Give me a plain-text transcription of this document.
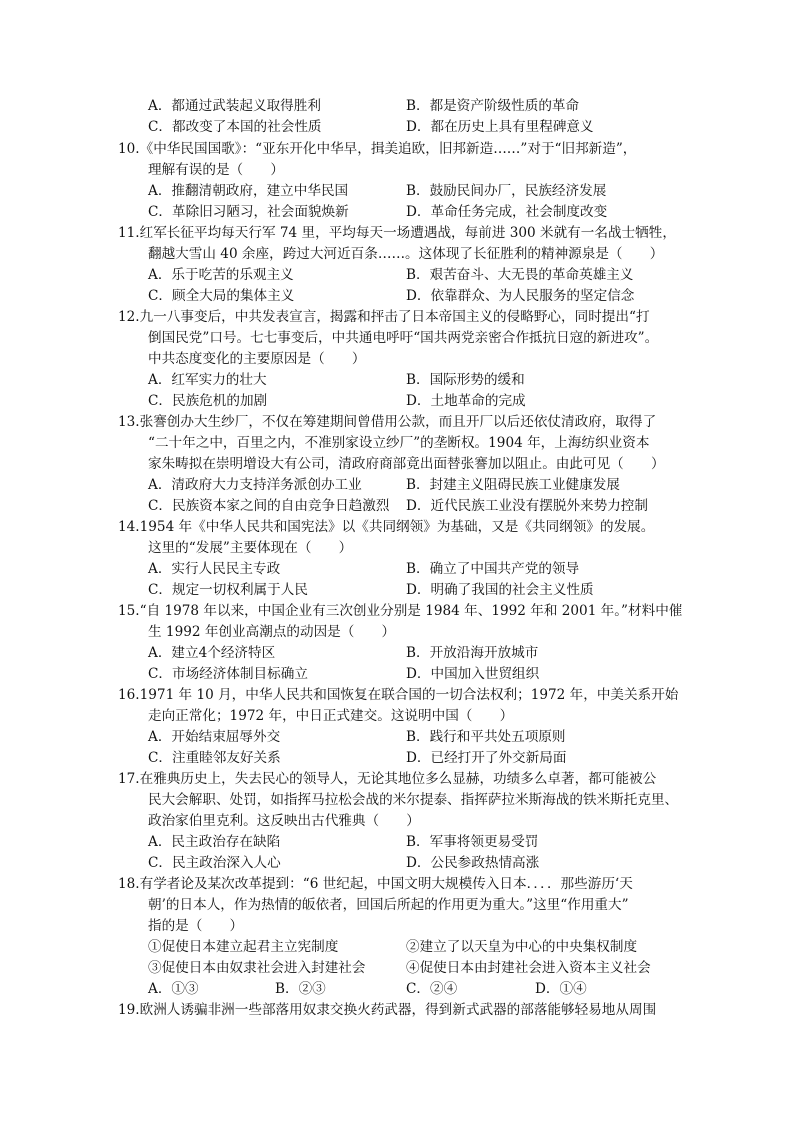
A．都通过武装起义取得胜利	B．都是资产阶级性质的革命
C．都改变了本国的社会性质	D．都在历史上具有里程碑意义
10.《中华民国国歌》：“亚东开化中华早，揖美追欧，旧邦新造……”对于“旧邦新造”，
理解有误的是（　　）
A．推翻清朝政府，建立中华民国	B．鼓励民间办厂，民族经济发展
C．革除旧习陋习，社会面貌焕新	D．革命任务完成，社会制度改变
11.红军长征平均每天行军 74 里，平均每天一场遭遇战，每前进 300 米就有一名战士牺牲，
翻越大雪山 40 余座，跨过大河近百条……。这体现了长征胜利的精神源泉是（　　）
A．乐于吃苦的乐观主义	B．艰苦奋斗、大无畏的革命英雄主义
C．顾全大局的集体主义	D．依靠群众、为人民服务的坚定信念
12.九一八事变后，中共发表宣言，揭露和抨击了日本帝国主义的侵略野心，同时提出“打
倒国民党”口号。七七事变后，中共通电呼吁“国共两党亲密合作抵抗日寇的新进攻”。
中共态度变化的主要原因是（　　）
A．红军实力的壮大	B．国际形势的缓和
C．民族危机的加剧	D．土地革命的完成
13.张謇创办大生纱厂，不仅在筹建期间曾借用公款，而且开厂以后还依仗清政府，取得了
“二十年之中，百里之内，不准别家设立纱厂”的垄断权。1904 年，上海纺织业资本
家朱畴拟在崇明增设大有公司，清政府商部竟出面替张謇加以阻止。由此可见（　　）
A．清政府大力支持洋务派创办工业	B．封建主义阻碍民族工业健康发展
C．民族资本家之间的自由竞争日趋激烈 D．近代民族工业没有摆脱外来势力控制
14.1954 年《中华人民共和国宪法》以《共同纲领》为基础，又是《共同纲领》的发展。
这里的“发展”主要体现在（　　）
A．实行人民民主专政	B．确立了中国共产党的领导
C．规定一切权利属于人民	D．明确了我国的社会主义性质
15.“自 1978 年以来，中国企业有三次创业分别是 1984 年、1992 年和 2001 年。”材料中催
生 1992 年创业高潮点的动因是（　　）
A．建立4个经济特区	B．开放沿海开放城市
C．市场经济体制目标确立	D．中国加入世贸组织
16.1971 年 10 月，中华人民共和国恢复在联合国的一切合法权利；1972 年，中美关系开始
走向正常化；1972 年，中日正式建交。这说明中国（　　）
A．开始结束屈辱外交	B．践行和平共处五项原则
C．注重睦邻友好关系	D．已经打开了外交新局面
17.在雅典历史上，失去民心的领导人，无论其地位多么显赫，功绩多么卓著，都可能被公
民大会解职、处罚，如指挥马拉松会战的米尔提泰、指挥萨拉米斯海战的铁米斯托克里、
政治家伯里克利。这反映出古代雅典（　　）
A．民主政治存在缺陷	B．军事将领更易受罚
C．民主政治深入人心	D．公民参政热情高涨
18.有学者论及某次改革提到：“6 世纪起，中国文明大规模传入日本．．．．那些游历‘天
朝’的日本人，作为热情的皈依者，回国后所起的作用更为重大。”这里“作用重大”
指的是（　　）
①促使日本建立起君主立宪制度	②建立了以天皇为中心的中央集权制度
③促使日本由奴隶社会进入封建社会	④促使日本由封建社会进入资本主义社会
A．①③	B．②③	C．②④	D．①④
19.欧洲人诱骗非洲一些部落用奴隶交换火药武器，得到新式武器的部落能够轻易地从周围
